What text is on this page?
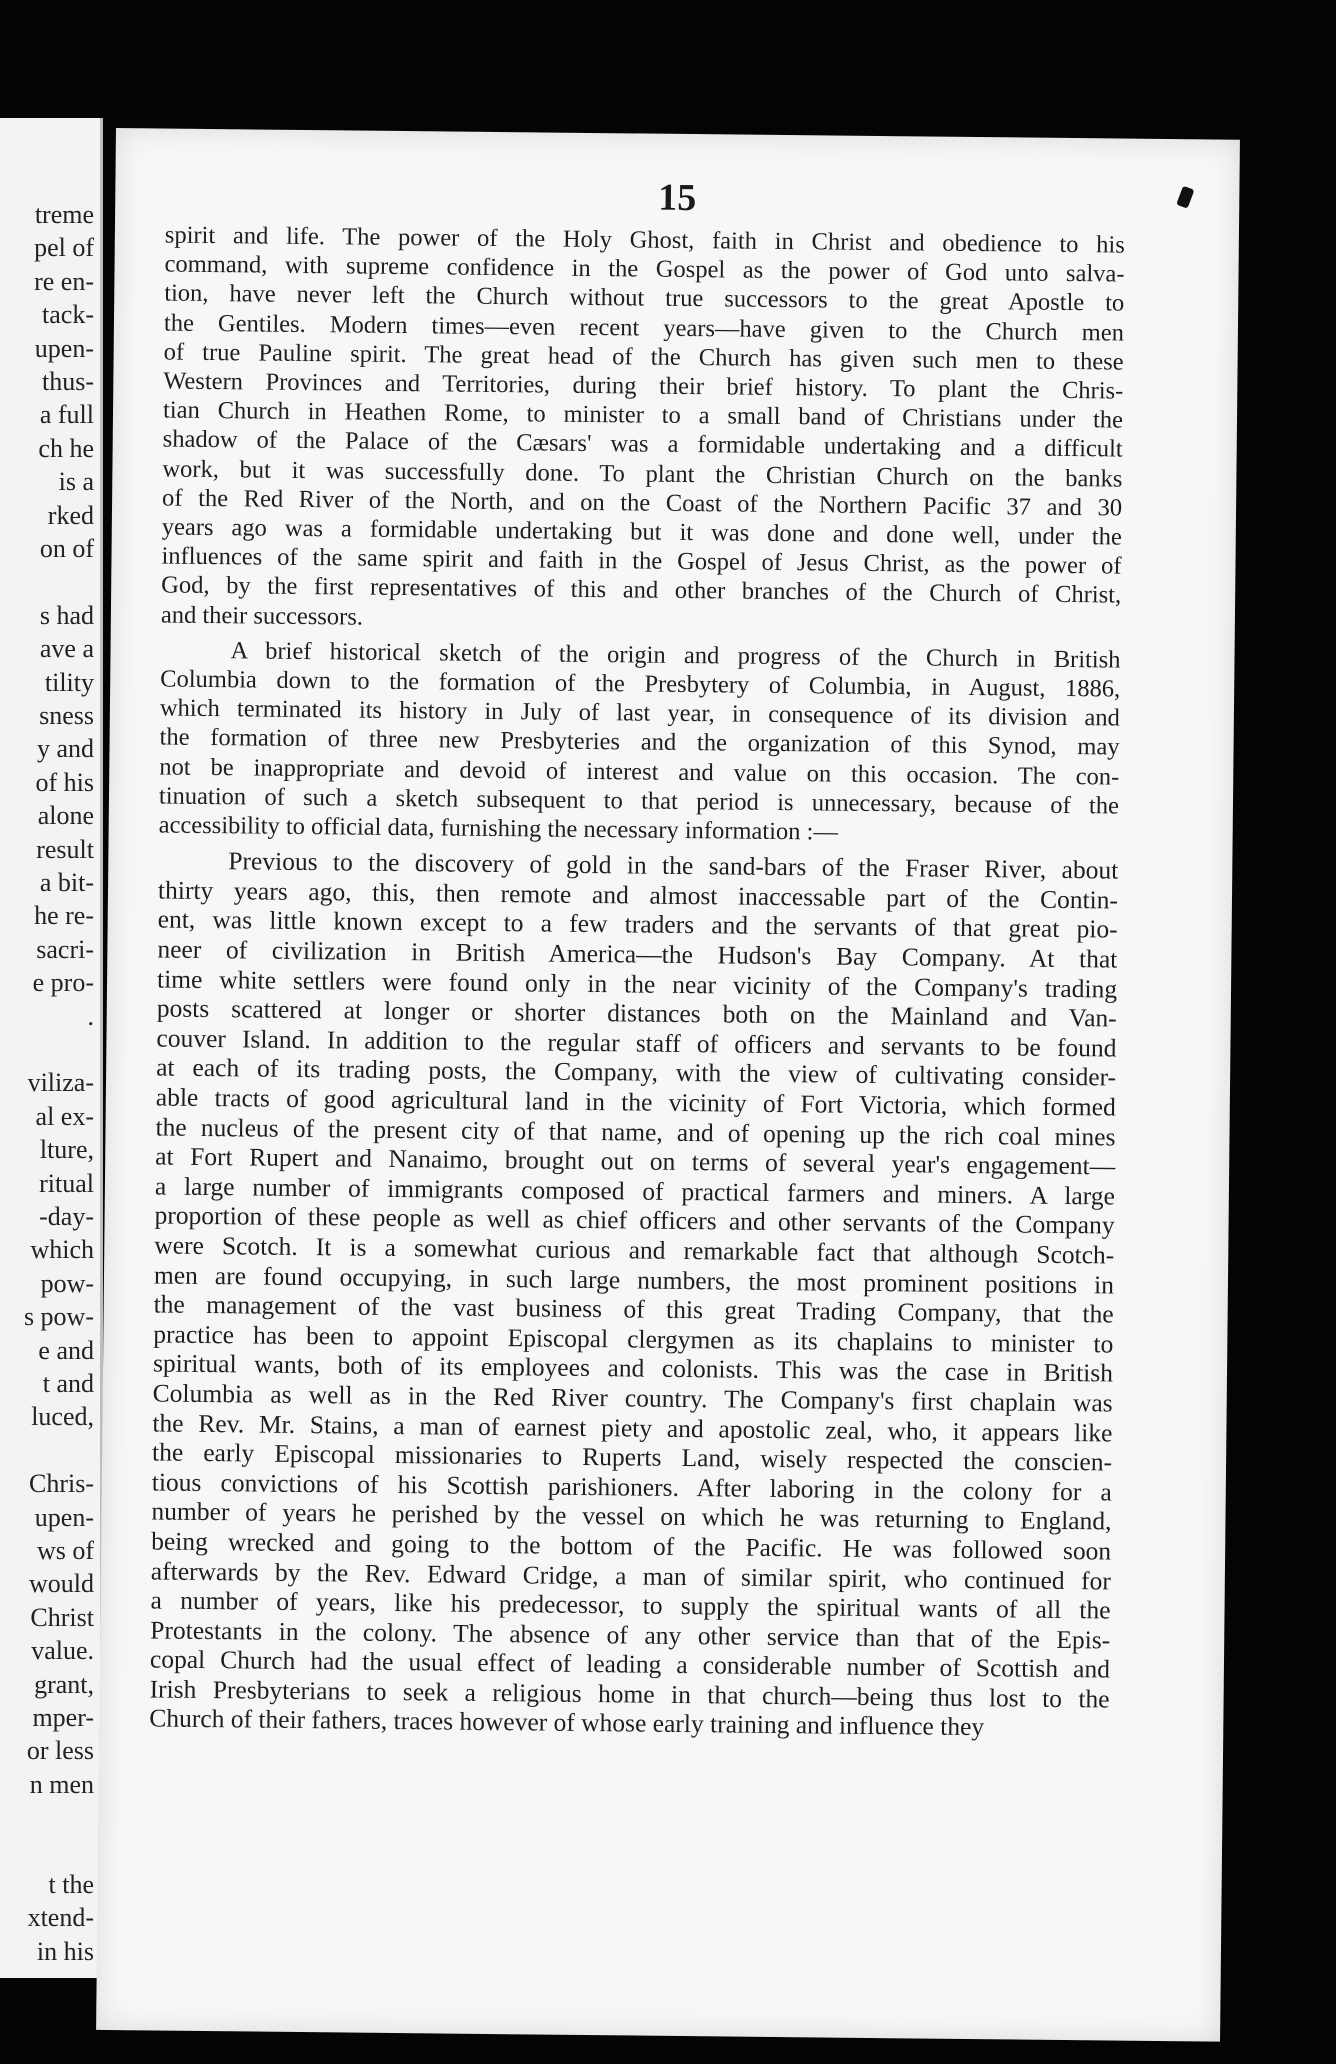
treme
pel of
re en-
tack-
upen-
thus-
a full
ch he
is a
rked
on of
s had
ave a
tility
sness
y and
of his
alone
result
a bit-
he re-
sacri-
e pro-
.
viliza-
al ex-
lture,
ritual
-day-
which
pow-
s pow-
e and
t and
luced,
Chris-
upen-
ws of
would
Christ
value.
grant,
mper-
or less
n men
t the
xtend-
in his
15
spirit and life. The power of the Holy Ghost, faith in Christ and obedience to his
command, with supreme confidence in the Gospel as the power of God unto salva-
tion, have never left the Church without true successors to the great Apostle to
the Gentiles. Modern times—even recent years—have given to the Church men
of true Pauline spirit. The great head of the Church has given such men to these
Western Provinces and Territories, during their brief history. To plant the Chris-
tian Church in Heathen Rome, to minister to a small band of Christians under the
shadow of the Palace of the Cæsars' was a formidable undertaking and a difficult
work, but it was successfully done. To plant the Christian Church on the banks
of the Red River of the North, and on the Coast of the Northern Pacific 37 and 30
years ago was a formidable undertaking but it was done and done well, under the
influences of the same spirit and faith in the Gospel of Jesus Christ, as the power of
God, by the first representatives of this and other branches of the Church of Christ,
and their successors.
A brief historical sketch of the origin and progress of the Church in British
Columbia down to the formation of the Presbytery of Columbia, in August, 1886,
which terminated its history in July of last year, in consequence of its division and
the formation of three new Presbyteries and the organization of this Synod, may
not be inappropriate and devoid of interest and value on this occasion. The con-
tinuation of such a sketch subsequent to that period is unnecessary, because of the
accessibility to official data, furnishing the necessary information :—
Previous to the discovery of gold in the sand-bars of the Fraser River, about
thirty years ago, this, then remote and almost inaccessable part of the Contin-
ent, was little known except to a few traders and the servants of that great pio-
neer of civilization in British America—the Hudson's Bay Company. At that
time white settlers were found only in the near vicinity of the Company's trading
posts scattered at longer or shorter distances both on the Mainland and Van-
couver Island. In addition to the regular staff of officers and servants to be found
at each of its trading posts, the Company, with the view of cultivating consider-
able tracts of good agricultural land in the vicinity of Fort Victoria, which formed
the nucleus of the present city of that name, and of opening up the rich coal mines
at Fort Rupert and Nanaimo, brought out on terms of several year's engagement—
a large number of immigrants composed of practical farmers and miners. A large
proportion of these people as well as chief officers and other servants of the Company
were Scotch. It is a somewhat curious and remarkable fact that although Scotch-
men are found occupying, in such large numbers, the most prominent positions in
the management of the vast business of this great Trading Company, that the
practice has been to appoint Episcopal clergymen as its chaplains to minister to
spiritual wants, both of its employees and colonists. This was the case in British
Columbia as well as in the Red River country. The Company's first chaplain was
the Rev. Mr. Stains, a man of earnest piety and apostolic zeal, who, it appears like
the early Episcopal missionaries to Ruperts Land, wisely respected the conscien-
tious convictions of his Scottish parishioners. After laboring in the colony for a
number of years he perished by the vessel on which he was returning to England,
being wrecked and going to the bottom of the Pacific. He was followed soon
afterwards by the Rev. Edward Cridge, a man of similar spirit, who continued for
a number of years, like his predecessor, to supply the spiritual wants of all the
Protestants in the colony. The absence of any other service than that of the Epis-
copal Church had the usual effect of leading a considerable number of Scottish and
Irish Presbyterians to seek a religious home in that church—being thus lost to the
Church of their fathers, traces however of whose early training and influence they
